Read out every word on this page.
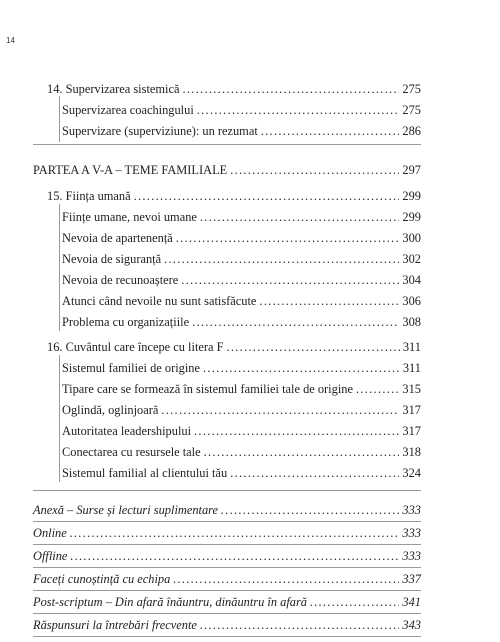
14
14. Supervizarea sistemică . . .	275
Supervizarea coachingului . . .	275
Supervizare (superviziune): un rezumat . . .	286
PARTEA A V-A – TEME FAMILIALE . . .	297
15. Ființa umană . . .	299
Ființe umane, nevoi umane . . .	299
Nevoia de apartenență . . .	300
Nevoia de siguranță . . .	302
Nevoia de recunoaștere . . .	304
Atunci când nevoile nu sunt satisfăcute . . .	306
Problema cu organizațiile . . .	308
16. Cuvântul care începe cu litera F . . .	311
Sistemul familiei de origine . . .	311
Tipare care se formează în sistemul familiei tale de origine . . .	315
Oglindă, oglinjoară . . .	317
Autoritatea leadershipului . . .	317
Conectarea cu resursele tale . . .	318
Sistemul familial al clientului tău . . .	324
Anexă – Surse și lecturi suplimentare . . .	333
Online . . .	333
Offline . . .	333
Faceți cunoștință cu echipa . . .	337
Post-scriptum – Din afară înăuntru, dinăuntru în afară . . .	341
Răspunsuri la întrebări frecvente . . .	343
